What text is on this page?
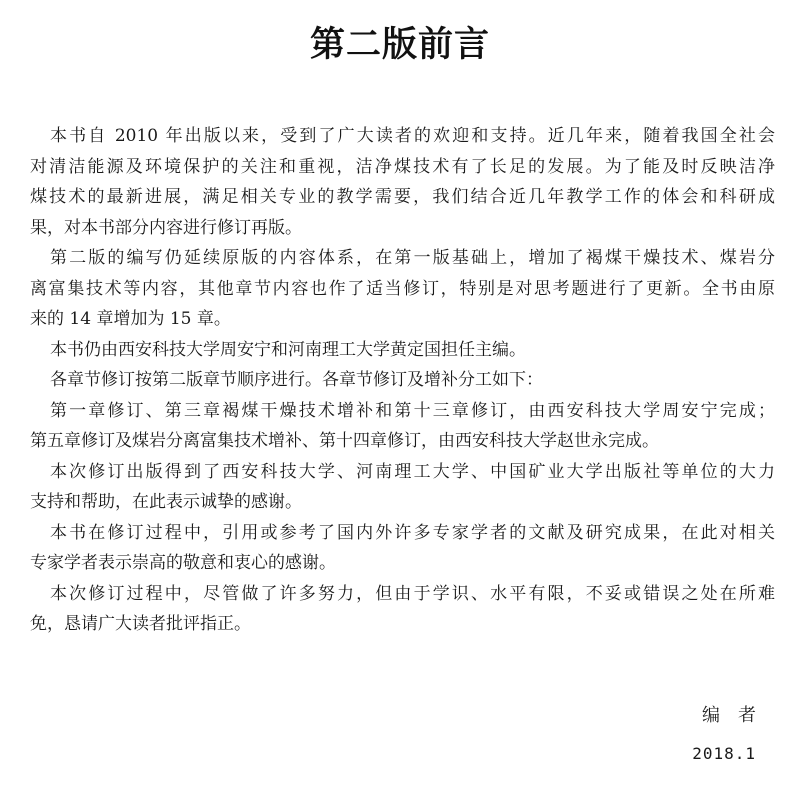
第二版前言
本书自 2010 年出版以来，受到了广大读者的欢迎和支持。近几年来，随着我国全社会
对清洁能源及环境保护的关注和重视，洁净煤技术有了长足的发展。为了能及时反映洁净
煤技术的最新进展，满足相关专业的教学需要，我们结合近几年教学工作的体会和科研成
果，对本书部分内容进行修订再版。
第二版的编写仍延续原版的内容体系，在第一版基础上，增加了褐煤干燥技术、煤岩分
离富集技术等内容，其他章节内容也作了适当修订，特别是对思考题进行了更新。全书由原
来的 14 章增加为 15 章。
本书仍由西安科技大学周安宁和河南理工大学黄定国担任主编。
各章节修订按第二版章节顺序进行。各章节修订及增补分工如下：
第一章修订、第三章褐煤干燥技术增补和第十三章修订，由西安科技大学周安宁完成；
第五章修订及煤岩分离富集技术增补、第十四章修订，由西安科技大学赵世永完成。
本次修订出版得到了西安科技大学、河南理工大学、中国矿业大学出版社等单位的大力
支持和帮助，在此表示诚挚的感谢。
本书在修订过程中，引用或参考了国内外许多专家学者的文献及研究成果，在此对相关
专家学者表示崇高的敬意和衷心的感谢。
本次修订过程中，尽管做了许多努力，但由于学识、水平有限，不妥或错误之处在所难
免，恳请广大读者批评指正。
编者
2018.1
